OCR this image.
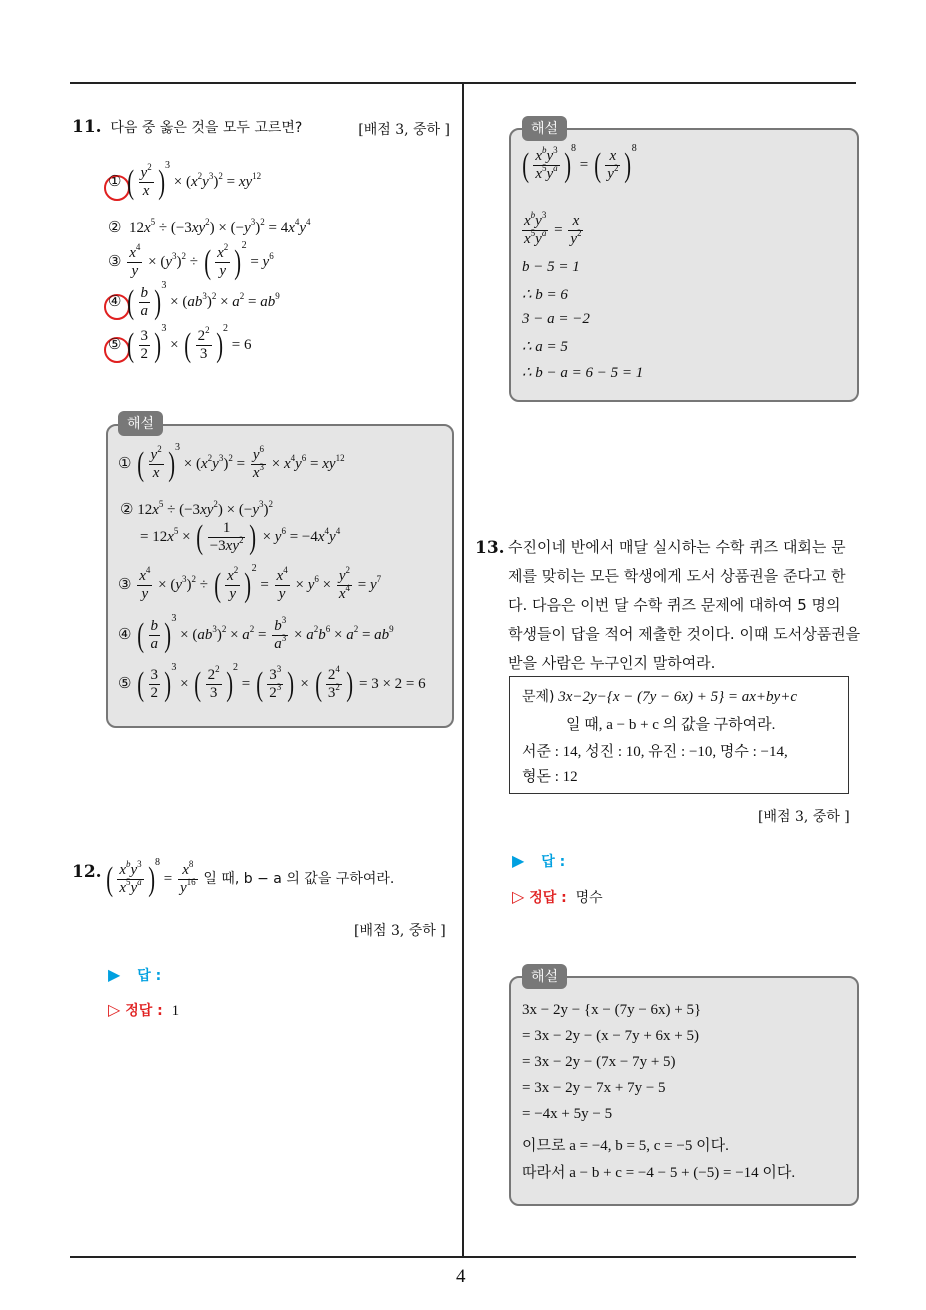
4
11. 다음 중 옳은 것을 모두 고르면?	[배점 3, 중하 ]
① ( $\frac{y^2}{x} )^3 \times (x^2y^3)^2 = xy^{12}$
②  $12x^5 \div (-3xy^2) \times (-y^3)^2 = 4x^4y^4$
③ $\frac{x^4}{y} \times (y^3)^2$ ÷ ( $\frac{x^2}{y} )^2 = y^6$
④ ( $\frac{b}{a} )^3 \times (ab^3)^2 \times a^2 = ab^9$
⑤ ( $\frac{3}{2} )^3$ × ( $\frac{2^2}{3} )^2 = 6$
해설
① ( $\frac{y^2}{x} )^3 \times (x^2y^3)^2 = \frac{y^6}{x^3} \times x^4y^6 = xy^{12}$
② $12x^5 \div (-3xy^2) \times (-y^3)^2$
= $12x^5$ × ( $\frac{1}{-3xy^2}$ ) × $y^6 = -4x^4y^4$
③ $\frac{x^4}{y} \times (y^3)^2$ ÷ ( $\frac{x^2}{y} )^2 = \frac{x^4}{y} \times y^6 \times \frac{y^2}{x^4} = y^7$
④ ( $\frac{b}{a} )^3 \times (ab^3)^2 \times a^2 = \frac{b^3}{a^3} \times a^2b^6 \times a^2 = ab^9$
⑤ ( $\frac{3}{2} )^3$ × ( $\frac{2^2}{3} )^2$ = ( $\frac{3^3}{2^3}$ ) × ( $\frac{2^4}{3^2}$ ) = 3 × 2 = 6
12. ( $\frac{x^by^3}{x^5y^a} )^8 = \frac{x^8}{y^{16}}$ 일 때, b − a 의 값을 구하여라.
[배점 3, 중하 ]
▶ 답 :
▷ 정답 : 1
해설
( $\frac{x^by^3}{x^5y^a} )^8$ = ( $\frac{x}{y^2} )^8$
$\frac{x^by^3}{x^5y^a} = \frac{x}{y^2}$
b − 5 = 1
∴ b = 6
3 − a = −2
∴ a = 5
∴ b − a = 6 − 5 = 1
13. 수진이네 반에서 매달 실시하는 수학 퀴즈 대회는 문
제를 맞히는 모든 학생에게 도서 상품권을 준다고 한
다. 다음은 이번 달 수학 퀴즈 문제에 대하여 5 명의
학생들이 답을 적어 제출한 것이다. 이때 도서상품권을
받을 사람은 누구인지 말하여라.
문제) 3x−2y−{x − (7y − 6x) + 5} = ax+by+c
일 때, a − b + c 의 값을 구하여라.
서준 : 14, 성진 : 10, 유진 : −10, 명수 : −14,
형돈 : 12
[배점 3, 중하 ]
▶ 답 :
▷ 정답 : 명수
해설
3x − 2y − {x − (7y − 6x) + 5}
= 3x − 2y − (x − 7y + 6x + 5)
= 3x − 2y − (7x − 7y + 5)
= 3x − 2y − 7x + 7y − 5
= −4x + 5y − 5
이므로 a = −4, b = 5, c = −5 이다.
따라서 a − b + c = −4 − 5 + (−5) = −14 이다.
